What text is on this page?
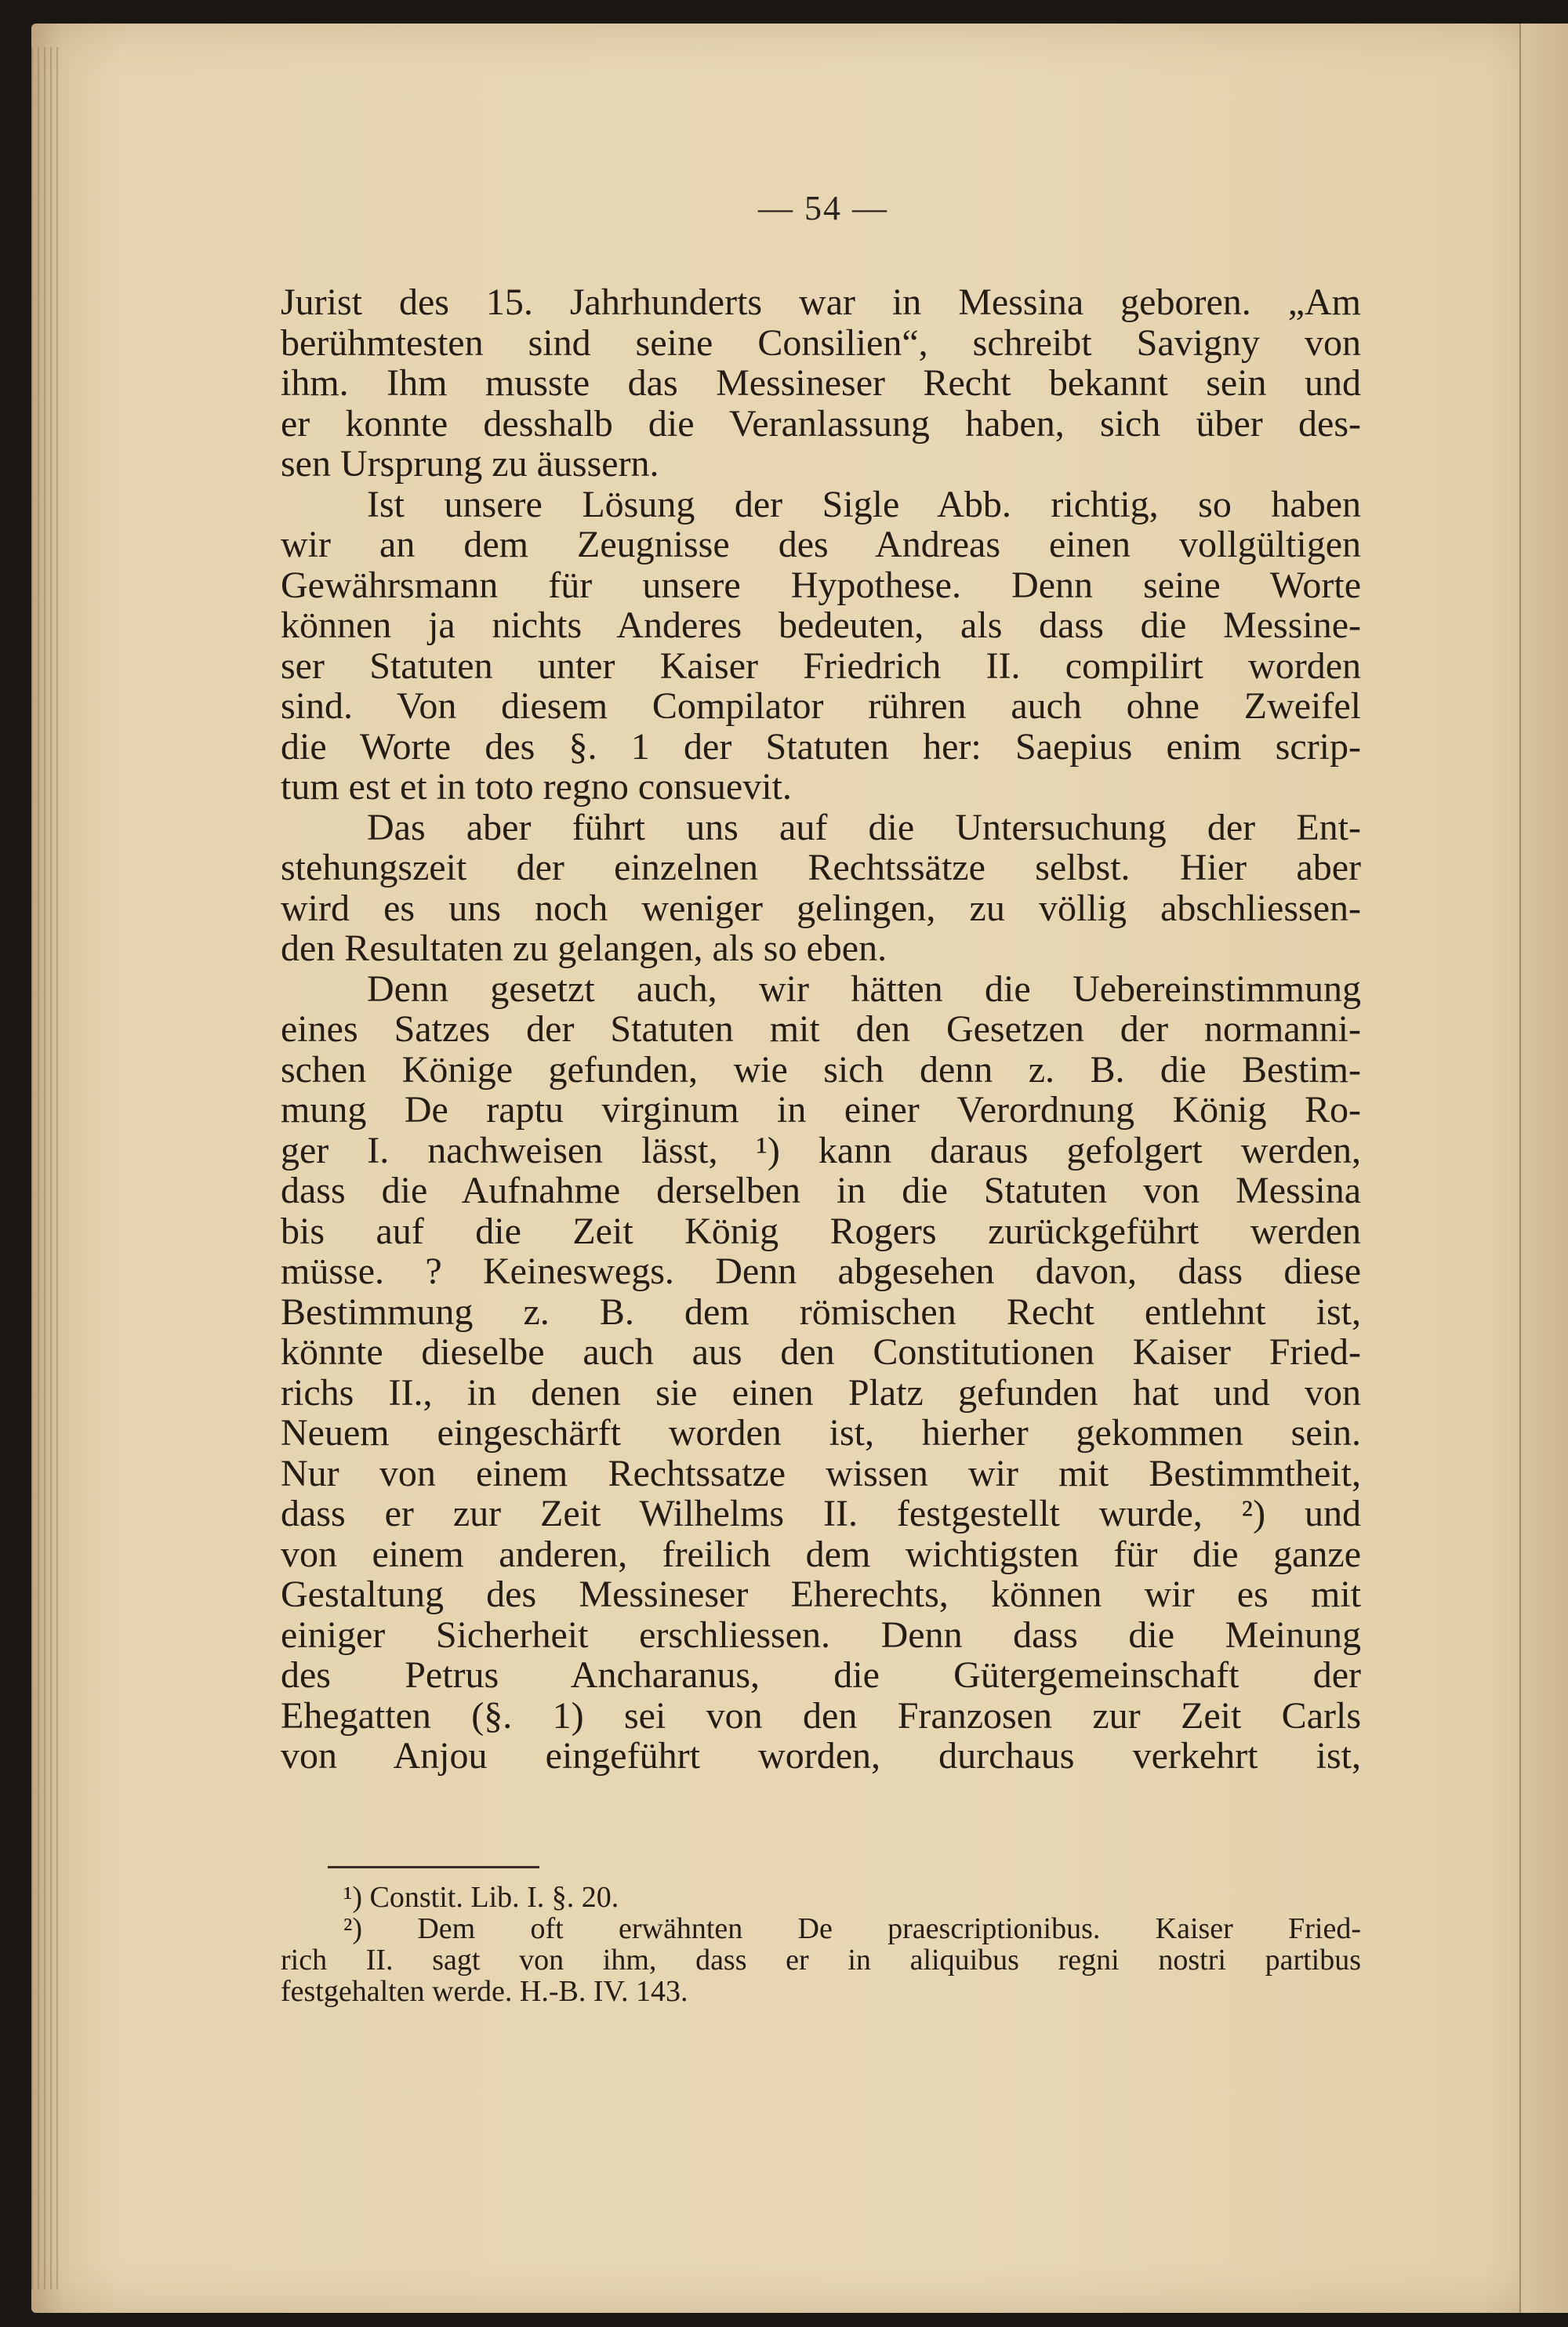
— 54 —
Jurist des 15. Jahrhunderts war in Messina geboren. „Am
berühmtesten sind seine Consilien“, schreibt Savigny von
ihm. Ihm musste das Messineser Recht bekannt sein und
er konnte desshalb die Veranlassung haben, sich über des-
sen Ursprung zu äussern.
Ist unsere Lösung der Sigle Abb. richtig, so haben
wir an dem Zeugnisse des Andreas einen vollgültigen
Gewährsmann für unsere Hypothese. Denn seine Worte
können ja nichts Anderes bedeuten, als dass die Messine-
ser Statuten unter Kaiser Friedrich II. compilirt worden
sind. Von diesem Compilator rühren auch ohne Zweifel
die Worte des §. 1 der Statuten her: Saepius enim scrip-
tum est et in toto regno consuevit.
Das aber führt uns auf die Untersuchung der Ent-
stehungszeit der einzelnen Rechtssätze selbst. Hier aber
wird es uns noch weniger gelingen, zu völlig abschliessen-
den Resultaten zu gelangen, als so eben.
Denn gesetzt auch, wir hätten die Uebereinstimmung
eines Satzes der Statuten mit den Gesetzen der normanni-
schen Könige gefunden, wie sich denn z. B. die Bestim-
mung De raptu virginum in einer Verordnung König Ro-
ger I. nachweisen lässt, ¹) kann daraus gefolgert werden,
dass die Aufnahme derselben in die Statuten von Messina
bis auf die Zeit König Rogers zurückgeführt werden
müsse. ? Keineswegs. Denn abgesehen davon, dass diese
Bestimmung z. B. dem römischen Recht entlehnt ist,
könnte dieselbe auch aus den Constitutionen Kaiser Fried-
richs II., in denen sie einen Platz gefunden hat und von
Neuem eingeschärft worden ist, hierher gekommen sein.
Nur von einem Rechtssatze wissen wir mit Bestimmtheit,
dass er zur Zeit Wilhelms II. festgestellt wurde, ²) und
von einem anderen, freilich dem wichtigsten für die ganze
Gestaltung des Messineser Eherechts, können wir es mit
einiger Sicherheit erschliessen. Denn dass die Meinung
des Petrus Ancharanus, die Gütergemeinschaft der
Ehegatten (§. 1) sei von den Franzosen zur Zeit Carls
von Anjou eingeführt worden, durchaus verkehrt ist,
¹) Constit. Lib. I. §. 20.
²) Dem oft erwähnten De praescriptionibus. Kaiser Fried-
rich II. sagt von ihm, dass er in aliquibus regni nostri partibus
festgehalten werde. H.-B. IV. 143.
